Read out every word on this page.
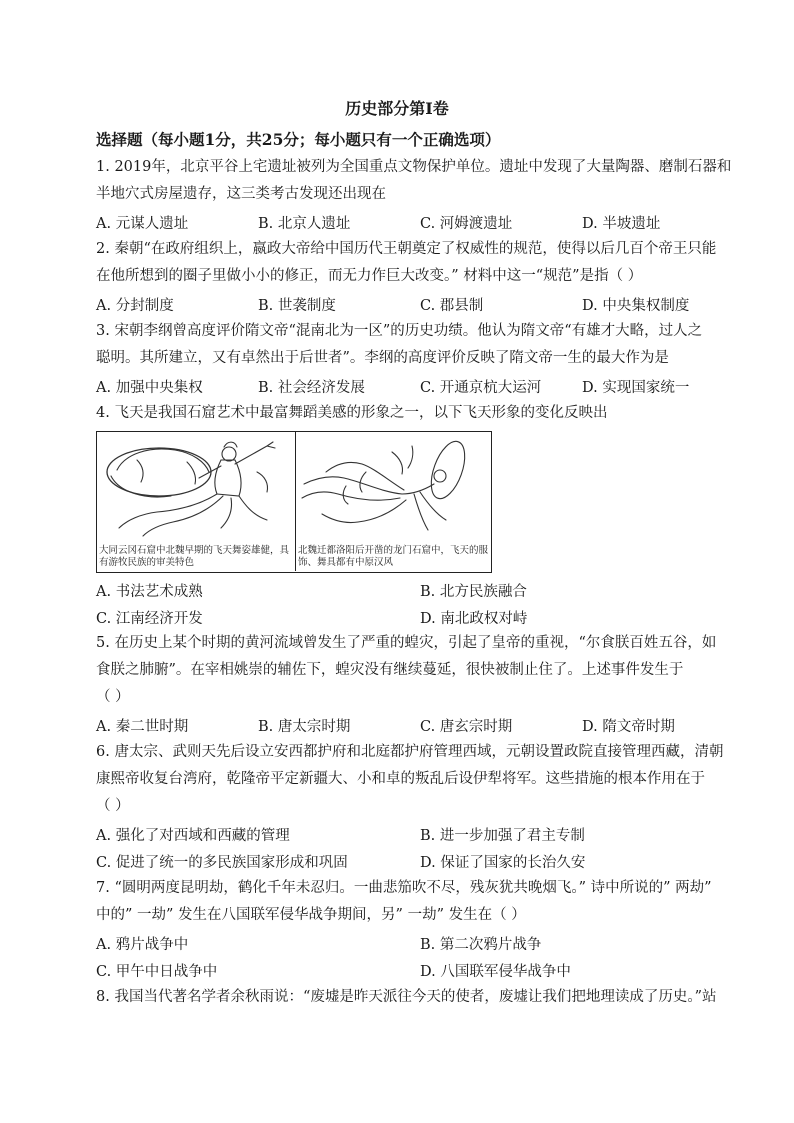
历史部分第Ⅰ卷
选择题（每小题1分，共25分；每小题只有一个正确选项）

1. 2019年，北京平谷上宅遗址被列为全国重点文物保护单位。遗址中发现了大量陶器、磨制石器和

半地穴式房屋遗存，这三类考古发现还出现在

A. 元谋人遗址	B. 北京人遗址	C. 河姆渡遗址	D. 半坡遗址

2. 秦朝“在政府组织上，嬴政大帝给中国历代王朝奠定了权威性的规范，使得以后几百个帝王只能

在他所想到的圈子里做小小的修正，而无力作巨大改变。” 材料中这一“规范”是指（ ）

A. 分封制度	B. 世袭制度	C. 郡县制	D. 中央集权制度

3. 宋朝李纲曾高度评价隋文帝“混南北为一区”的历史功绩。他认为隋文帝“有雄才大略，过人之

聪明。其所建立，又有卓然出于后世者”。李纲的高度评价反映了隋文帝一生的最大作为是

A. 加强中央集权	B. 社会经济发展	C. 开通京杭大运河	D. 实现国家统一

4. 飞天是我国石窟艺术中最富舞蹈美感的形象之一，以下飞天形象的变化反映出

大同云冈石窟中北魏早期的飞天舞姿雄健，具有游牧民族的审美特色
北魏迁都洛阳后开凿的龙门石窟中，飞天的服饰、舞具都有中原汉风
A. 书法艺术成熟	B. 北方民族融合
C. 江南经济开发	D. 南北政权对峙

5. 在历史上某个时期的黄河流域曾发生了严重的蝗灾，引起了皇帝的重视，“尔食朕百姓五谷，如

食朕之肺腑”。在宰相姚崇的辅佐下，蝗灾没有继续蔓延，很快被制止住了。上述事件发生于

（ ）

A. 秦二世时期	B. 唐太宗时期	C. 唐玄宗时期	D. 隋文帝时期

6. 唐太宗、武则天先后设立安西都护府和北庭都护府管理西域，元朝设置政院直接管理西藏，清朝

康熙帝收复台湾府，乾隆帝平定新疆大、小和卓的叛乱后设伊犁将军。这些措施的根本作用在于

（ ）

A. 强化了对西域和西藏的管理	B. 进一步加强了君主专制
C. 促进了统一的多民族国家形成和巩固	D. 保证了国家的长治久安

7. “圆明两度昆明劫，鹤化千年未忍归。一曲悲笳吹不尽，残灰犹共晚烟飞。” 诗中所说的” 两劫”

中的” 一劫” 发生在八国联军侵华战争期间，另” 一劫” 发生在（ ）

A. 鸦片战争中	B. 第二次鸦片战争
C. 甲午中日战争中	D. 八国联军侵华战争中

8. 我国当代著名学者余秋雨说：“废墟是昨天派往今天的使者，废墟让我们把地理读成了历史。”站
